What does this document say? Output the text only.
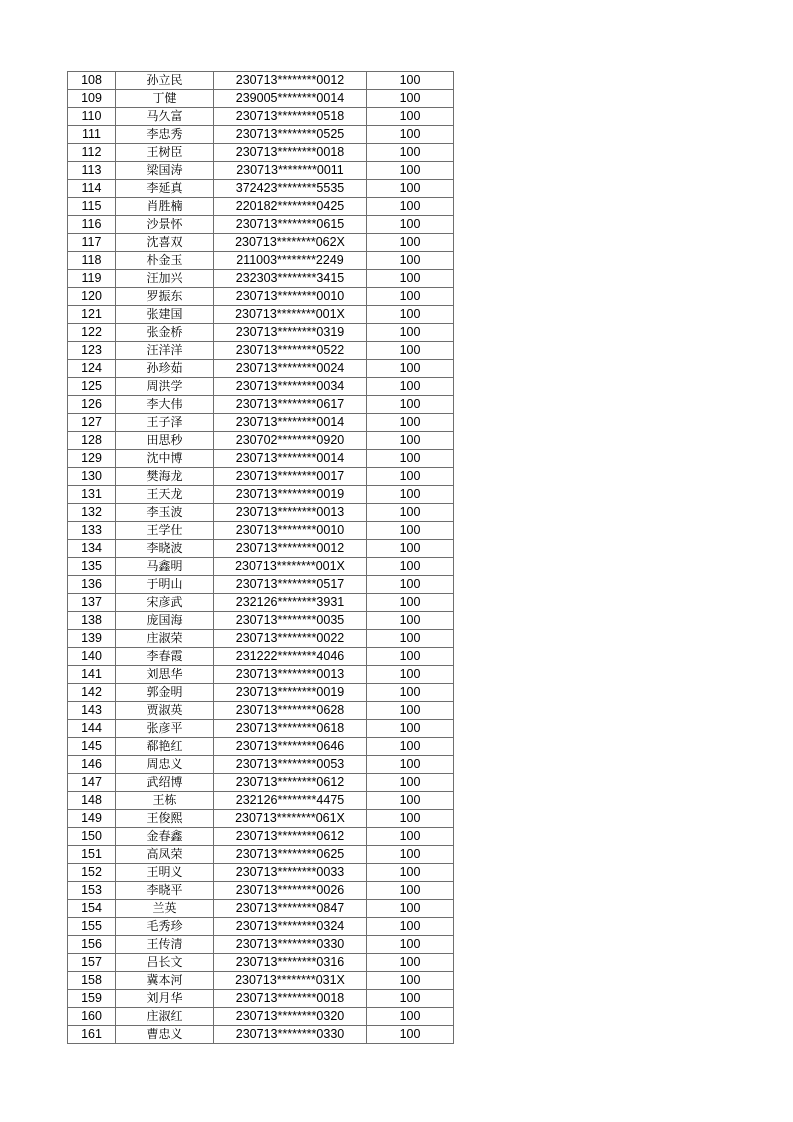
108	孙立民	230713********0012	100
109	丁健	239005********0014	100
110	马久富	230713********0518	100
111	李忠秀	230713********0525	100
112	王树臣	230713********0018	100
113	梁国涛	230713********0011	100
114	李延真	372423********5535	100
115	肖胜楠	220182********0425	100
116	沙景怀	230713********0615	100
117	沈喜双	230713********062X	100
118	朴金玉	211003********2249	100
119	汪加兴	232303********3415	100
120	罗振东	230713********0010	100
121	张建国	230713********001X	100
122	张金桥	230713********0319	100
123	汪洋洋	230713********0522	100
124	孙珍茹	230713********0024	100
125	周洪学	230713********0034	100
126	李大伟	230713********0617	100
127	王子泽	230713********0014	100
128	田思秒	230702********0920	100
129	沈中博	230713********0014	100
130	樊海龙	230713********0017	100
131	王天龙	230713********0019	100
132	李玉波	230713********0013	100
133	王学仕	230713********0010	100
134	李晓波	230713********0012	100
135	马鑫明	230713********001X	100
136	于明山	230713********0517	100
137	宋彦武	232126********3931	100
138	庞国海	230713********0035	100
139	庄淑荣	230713********0022	100
140	李春霞	231222********4046	100
141	刘思华	230713********0013	100
142	郭金明	230713********0019	100
143	贾淑英	230713********0628	100
144	张彦平	230713********0618	100
145	郗艳红	230713********0646	100
146	周忠义	230713********0053	100
147	武绍博	230713********0612	100
148	王栋	232126********4475	100
149	王俊熙	230713********061X	100
150	金春鑫	230713********0612	100
151	高凤荣	230713********0625	100
152	王明义	230713********0033	100
153	李晓平	230713********0026	100
154	兰英	230713********0847	100
155	毛秀珍	230713********0324	100
156	王传清	230713********0330	100
157	吕长文	230713********0316	100
158	冀本河	230713********031X	100
159	刘月华	230713********0018	100
160	庄淑红	230713********0320	100
161	曹忠义	230713********0330	100
